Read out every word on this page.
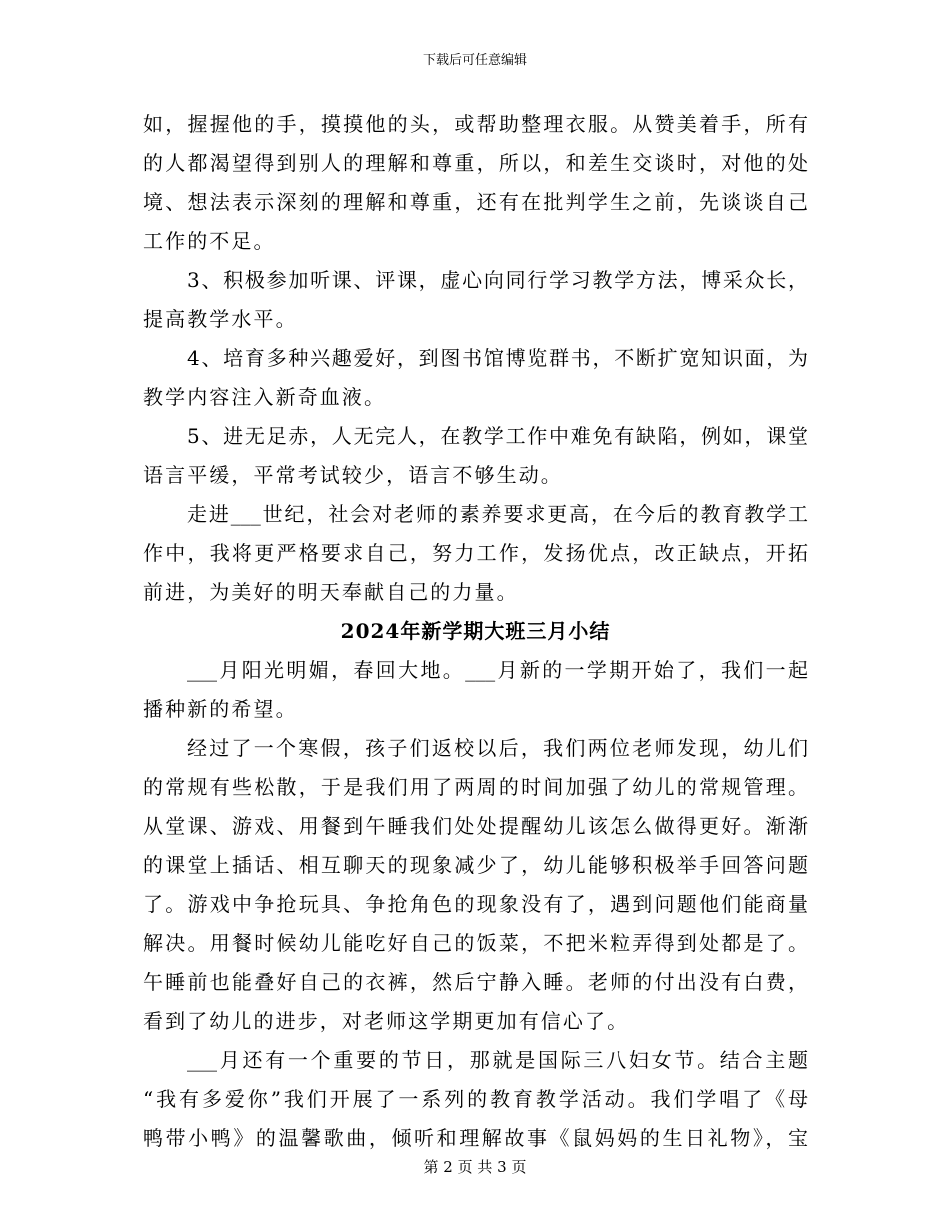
下载后可任意编辑
如，握握他的手，摸摸他的头，或帮助整理衣服。从赞美着手，所有
的人都渴望得到别人的理解和尊重，所以，和差生交谈时，对他的处
境、想法表示深刻的理解和尊重，还有在批判学生之前，先谈谈自己
工作的不足。
3、积极参加听课、评课，虚心向同行学习教学方法，博采众长，
提高教学水平。
4、培育多种兴趣爱好，到图书馆博览群书，不断扩宽知识面，为
教学内容注入新奇血液。
5、进无足赤，人无完人，在教学工作中难免有缺陷，例如，课堂
语言平缓，平常考试较少，语言不够生动。
走进___世纪，社会对老师的素养要求更高，在今后的教育教学工
作中，我将更严格要求自己，努力工作，发扬优点，改正缺点，开拓
前进，为美好的明天奉献自己的力量。
2024年新学期大班三月小结
___月阳光明媚，春回大地。___月新的一学期开始了，我们一起
播种新的希望。
经过了一个寒假，孩子们返校以后，我们两位老师发现，幼儿们
的常规有些松散，于是我们用了两周的时间加强了幼儿的常规管理。
从堂课、游戏、用餐到午睡我们处处提醒幼儿该怎么做得更好。渐渐
的课堂上插话、相互聊天的现象减少了，幼儿能够积极举手回答问题
了。游戏中争抢玩具、争抢角色的现象没有了，遇到问题他们能商量
解决。用餐时候幼儿能吃好自己的饭菜，不把米粒弄得到处都是了。
午睡前也能叠好自己的衣裤，然后宁静入睡。老师的付出没有白费，
看到了幼儿的进步，对老师这学期更加有信心了。
___月还有一个重要的节日，那就是国际三八妇女节。结合主题
“我有多爱你”我们开展了一系列的教育教学活动。我们学唱了《母
鸭带小鸭》的温馨歌曲，倾听和理解故事《鼠妈妈的生日礼物》，宝
第 2 页 共 3 页
